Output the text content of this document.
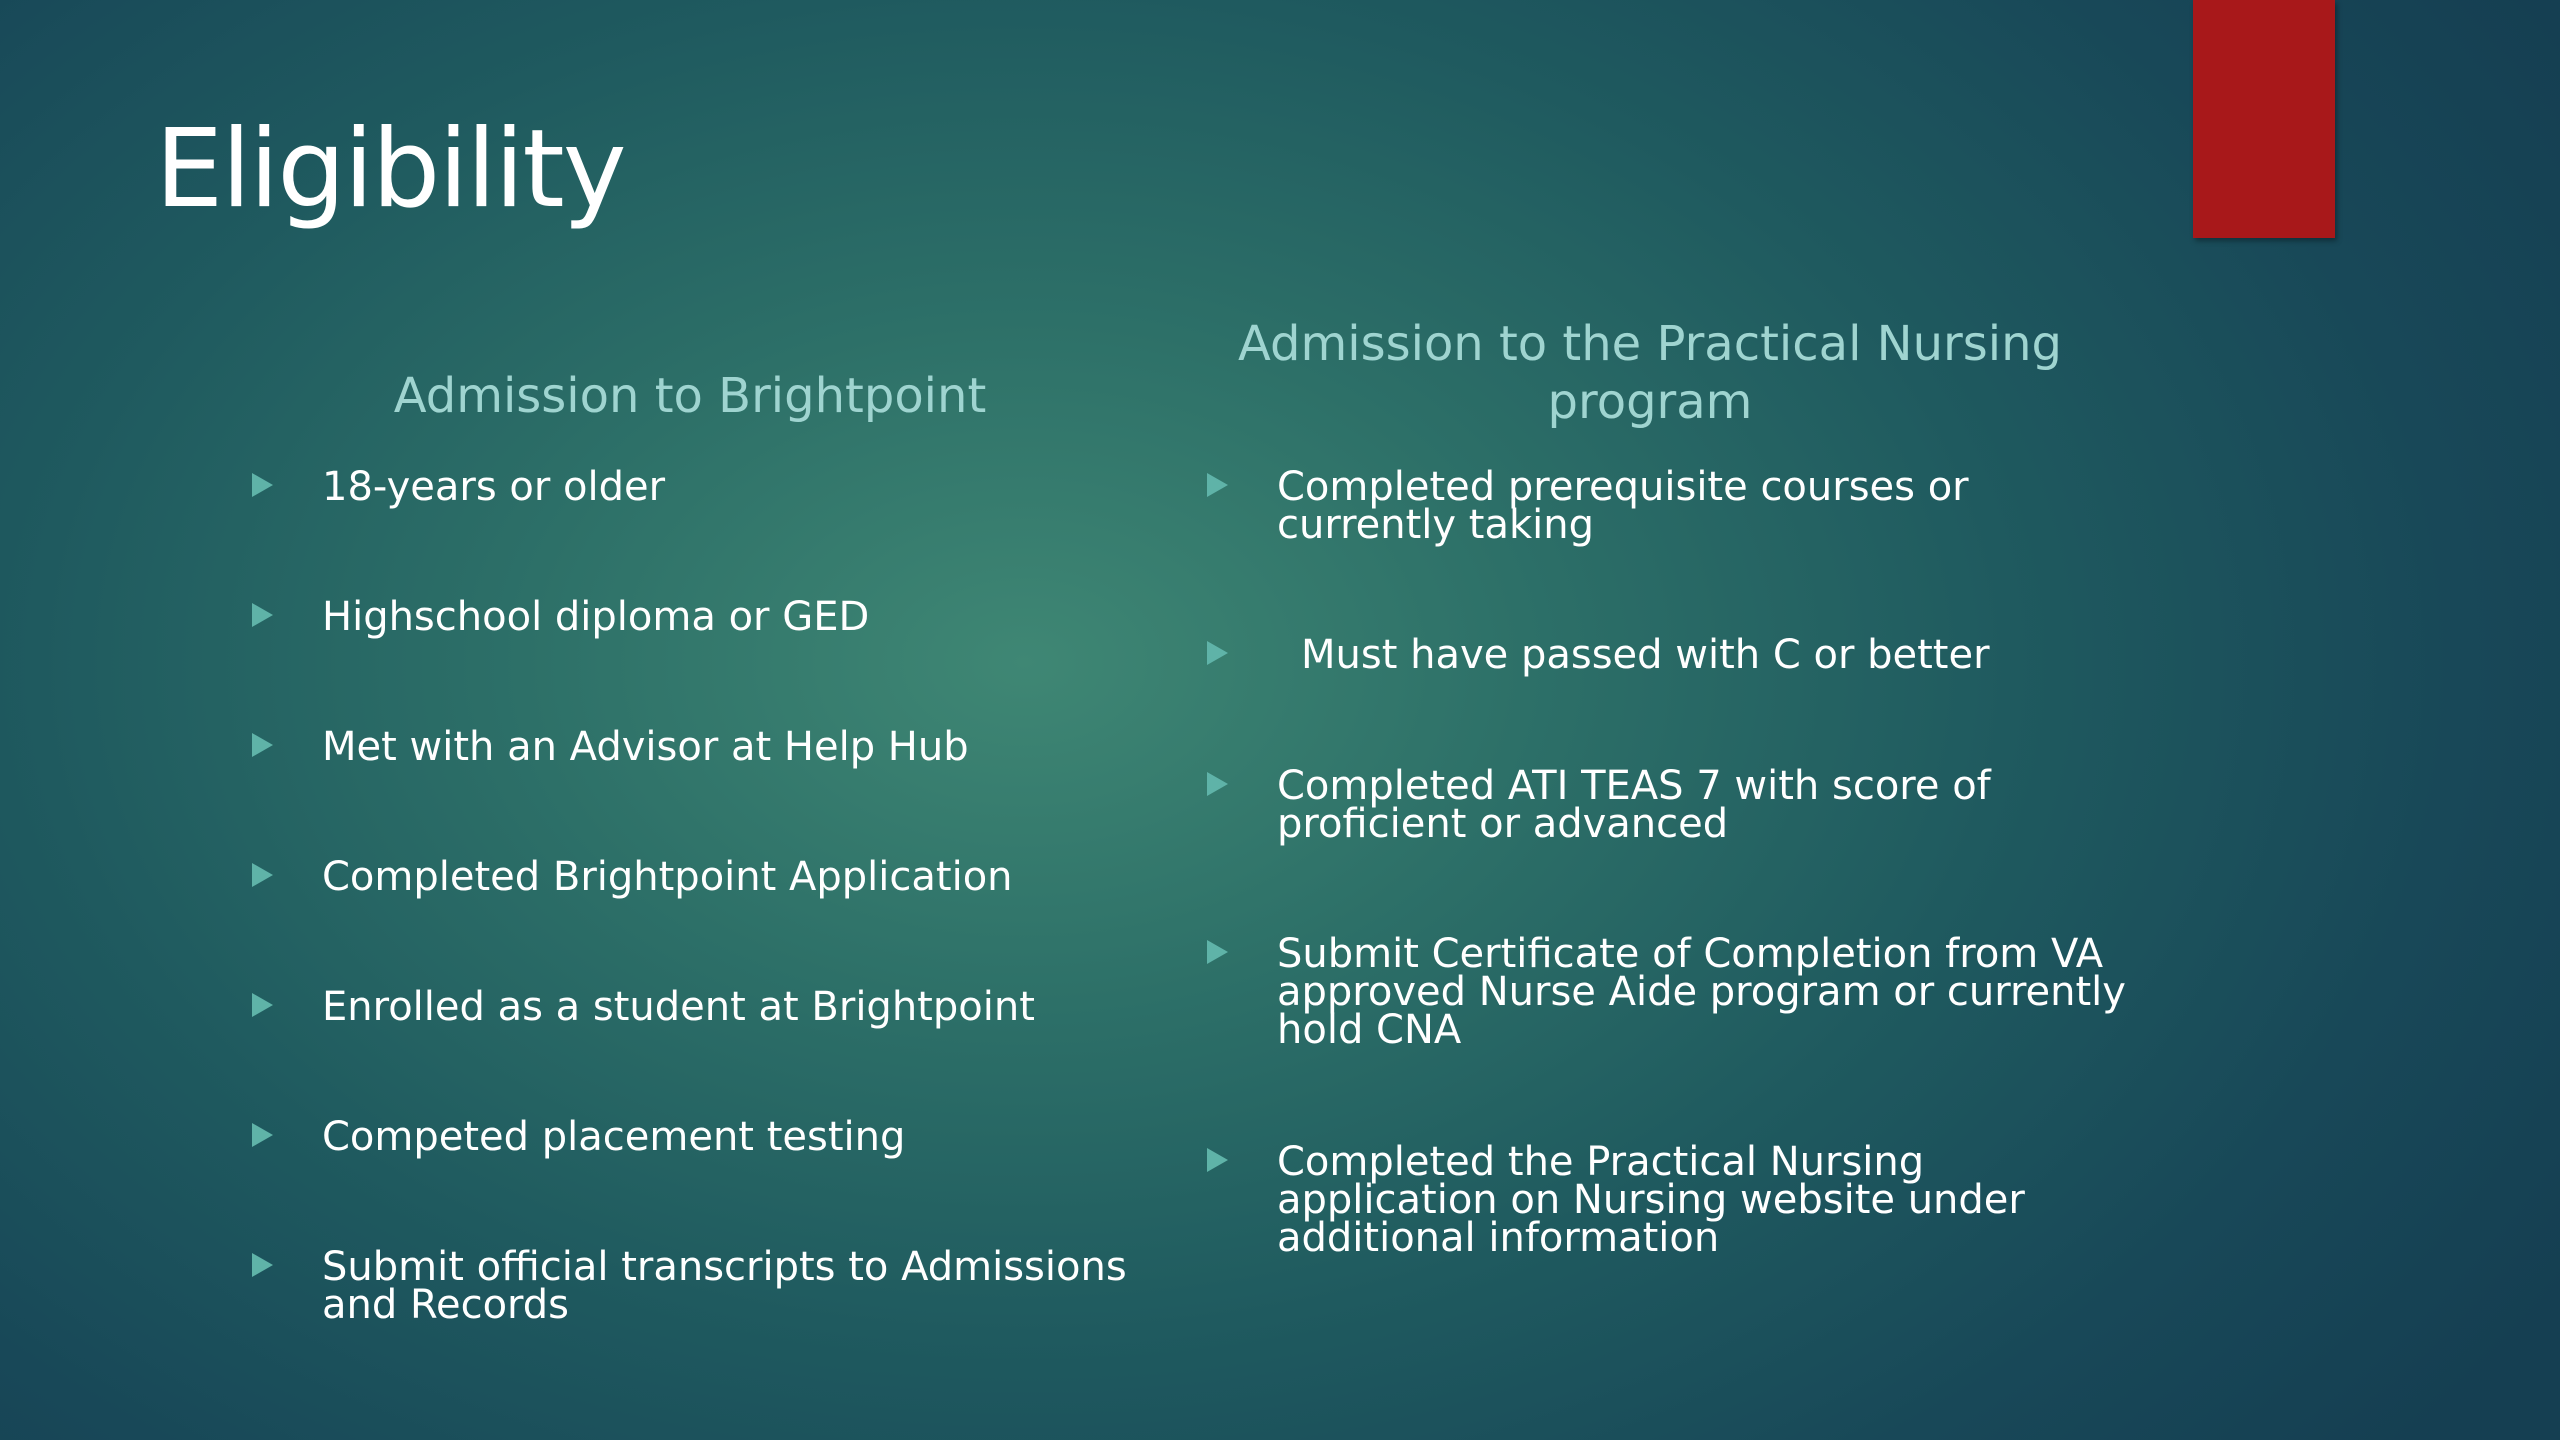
Eligibility
Admission to Brightpoint
Admission to the Practical Nursing program
18-years or older
Highschool diploma or GED
Met with an Advisor at Help Hub
Completed Brightpoint Application
Enrolled as a student at Brightpoint
Competed placement testing
Submit official transcripts to Admissions and Records
Completed prerequisite courses or currently taking
Must have passed with C or better
Completed ATI TEAS 7 with score of proficient or advanced
Submit Certificate of Completion from VA approved Nurse Aide program or currently hold CNA
Completed the Practical Nursing application on Nursing website under additional information
